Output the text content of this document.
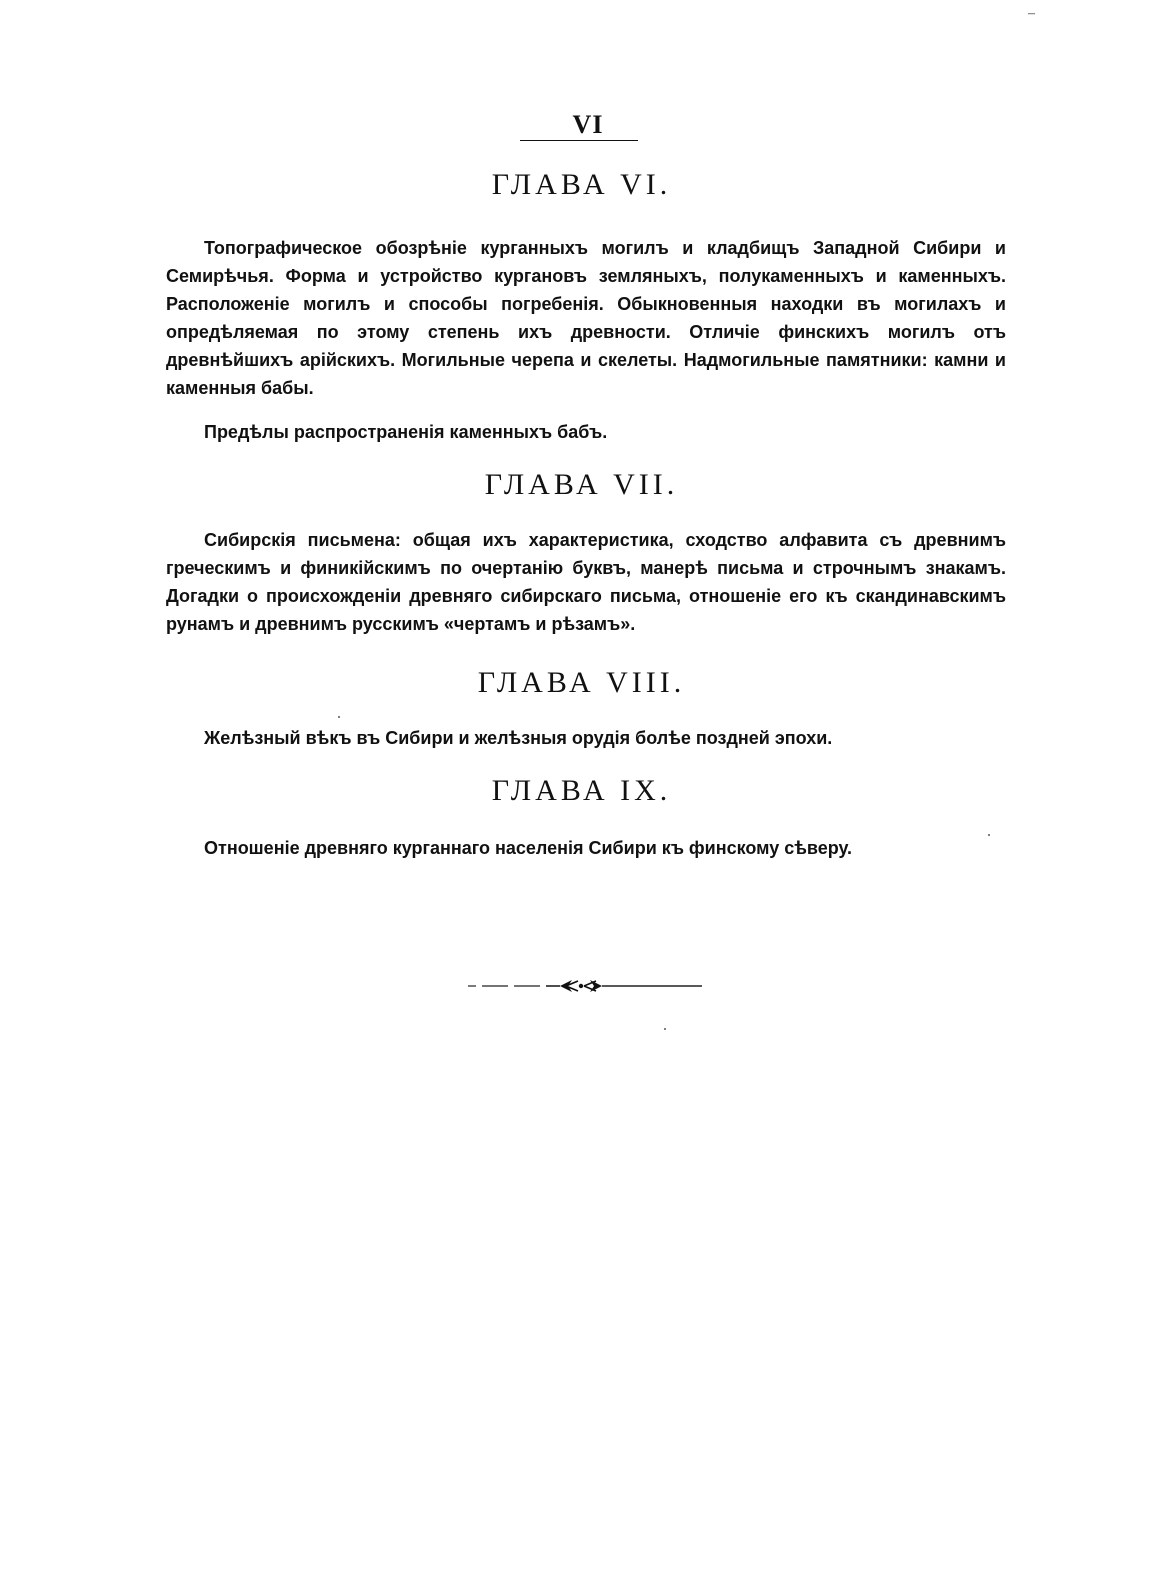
–
VI
ГЛАВА VI.

Топографическое обозрѣніе курганныхъ могилъ и кладбищъ Западной Сибири и Семирѣчья. Форма и устройство кургановъ земляныхъ, полукаменныхъ и каменныхъ. Расположеніе могилъ и способы погребенія. Обыкновенныя находки въ могилахъ и опредѣляемая по этому степень ихъ древности. Отличіе финскихъ могилъ отъ древнѣйшихъ арійскихъ. Могильные черепа и скелеты. Надмогильные памятники: камни и каменныя бабы.

Предѣлы распространенія каменныхъ бабъ.

ГЛАВА VII.

Сибирскія письмена: общая ихъ характеристика, сходство алфавита съ древнимъ греческимъ и финикійскимъ по очертанію буквъ, манерѣ письма и строчнымъ знакамъ. Догадки о происхожденіи древняго сибирскаго письма, отношеніе его къ скандинавскимъ рунамъ и древнимъ русскимъ «чертамъ и рѣзамъ».

ГЛАВА VIII.

Желѣзный вѣкъ въ Сибири и желѣзныя орудія болѣе поздней эпохи.

ГЛАВА IX.

Отношеніе древняго курганнаго населенія Сибири къ финскому сѣверу.
